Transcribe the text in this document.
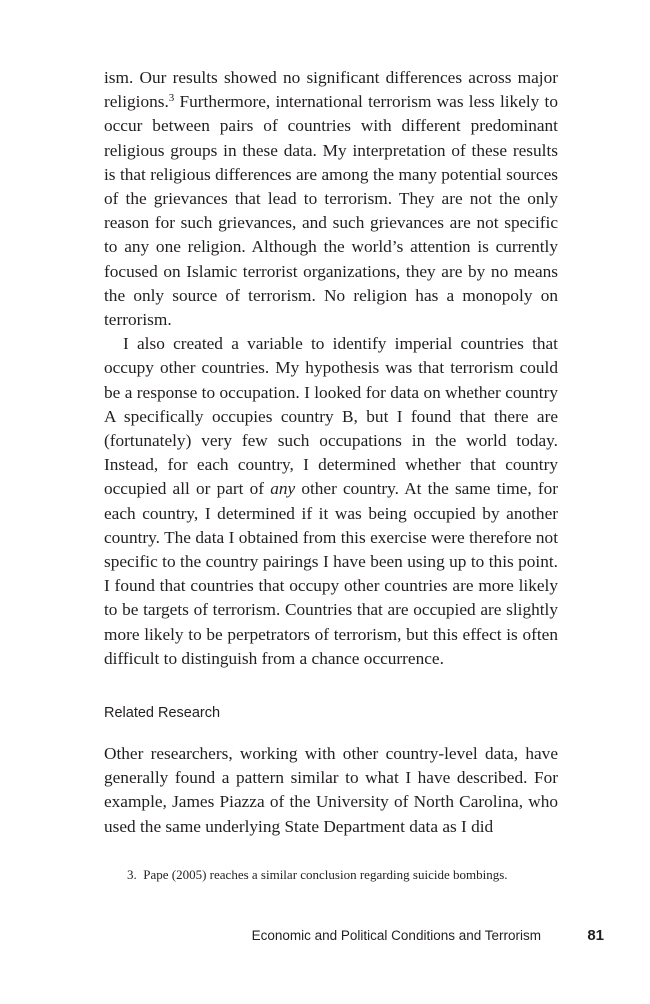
ism. Our results showed no significant differences across major religions.$^3$ Furthermore, international terrorism was less likely to occur between pairs of countries with different predominant religious groups in these data. My interpretation of these results is that religious differences are among the many potential sources of the grievances that lead to terrorism. They are not the only reason for such grievances, and such grievances are not specific to any one religion. Although the world’s attention is currently focused on Islamic terrorist organizations, they are by no means the only source of terrorism. No religion has a monopoly on terrorism.

I also created a variable to identify imperial countries that occupy other countries. My hypothesis was that terrorism could be a response to occupation. I looked for data on whether country A specifically occupies country B, but I found that there are (fortunately) very few such occupations in the world today. Instead, for each country, I determined whether that country occupied all or part of any other country. At the same time, for each country, I determined if it was being occupied by another country. The data I obtained from this exercise were therefore not specific to the country pairings I have been using up to this point. I found that countries that occupy other countries are more likely to be targets of terrorism. Countries that are occupied are slightly more likely to be perpetrators of terrorism, but this effect is often difficult to distinguish from a chance occurrence.

Related Research

Other researchers, working with other country-level data, have generally found a pattern similar to what I have described. For example, James Piazza of the University of North Carolina, who used the same underlying State Department data as I did

3.  Pape (2005) reaches a similar conclusion regarding suicide bombings.

Economic and Political Conditions and Terrorism	81
